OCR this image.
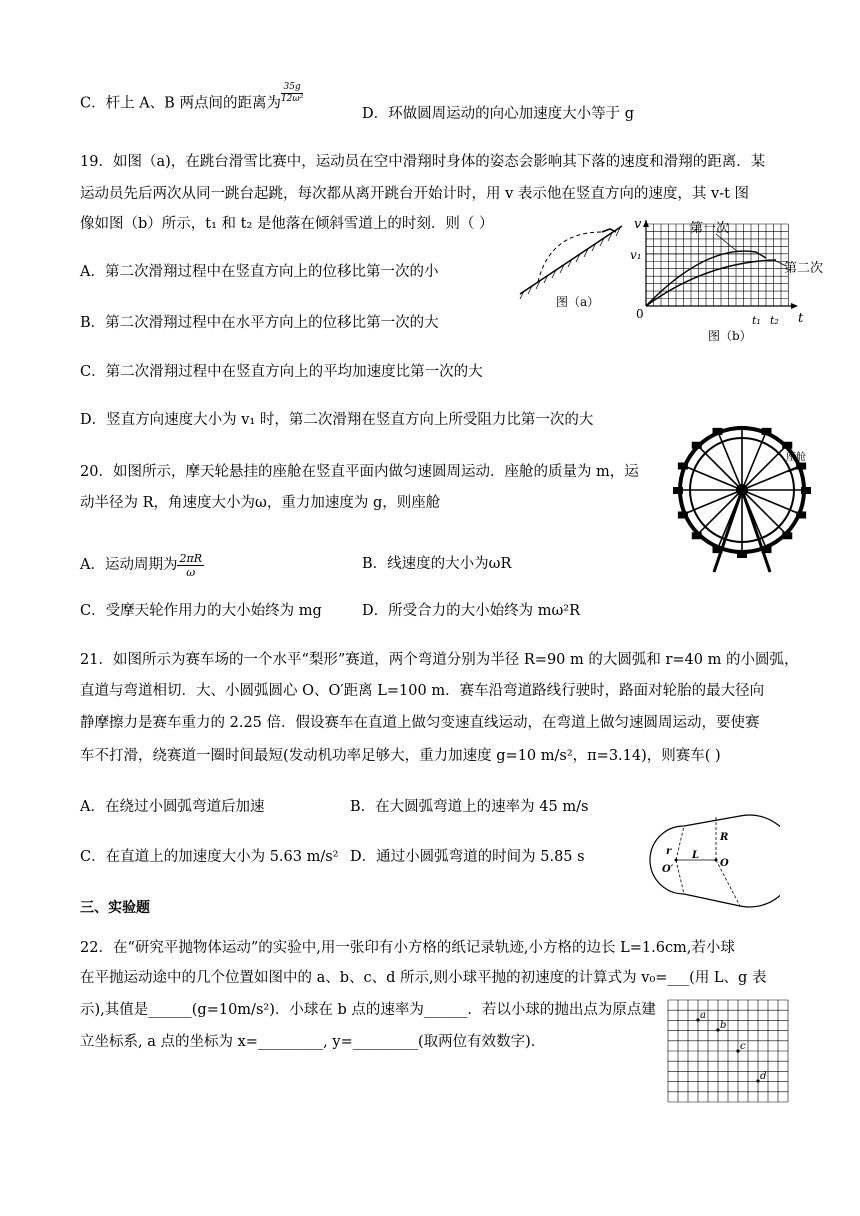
C．杆上 A、B 两点间的距离为 $\frac{35g}{\text{12ω²}}$
D．环做圆周运动的向心加速度大小等于 g
19．如图（a)，在跳台滑雪比赛中，运动员在空中滑翔时身体的姿态会影响其下落的速度和滑翔的距离．某
运动员先后两次从同一跳台起跳，每次都从离开跳台开始计时，用 v 表示他在竖直方向的速度，其 v-t 图
像如图（b）所示，t₁ 和 t₂ 是他落在倾斜雪道上的时刻．则（ ）
A．第二次滑翔过程中在竖直方向上的位移比第一次的小
B．第二次滑翔过程中在水平方向上的位移比第一次的大
C．第二次滑翔过程中在竖直方向上的平均加速度比第一次的大
D．竖直方向速度大小为 v₁ 时，第二次滑翔在竖直方向上所受阻力比第一次的大
图（a）
v
v₁
0	t
t₁ t₂
第一次
第二次
图（b）
20．如图所示，摩天轮悬挂的座舱在竖直平面内做匀速圆周运动．座舱的质量为 m，运
动半径为 R，角速度大小为ω，重力加速度为 g，则座舱
A．运动周期为 $\frac{2\pi R}{\omega}$	B．线速度的大小为ωR
C．受摩天轮作用力的大小始终为 mg	D．所受合力的大小始终为 mω²R
座舱
21．如图所示为赛车场的一个水平“梨形”赛道，两个弯道分别为半径 R=90 m 的大圆弧和 r=40 m 的小圆弧，
直道与弯道相切．大、小圆弧圆心 O、O′距离 L=100 m．赛车沿弯道路线行驶时，路面对轮胎的最大径向
静摩擦力是赛车重力的 2.25 倍．假设赛车在直道上做匀变速直线运动，在弯道上做匀速圆周运动，要使赛
车不打滑，绕赛道一圈时间最短(发动机功率足够大，重力加速度 g=10 m/s²，π=3.14)，则赛车( )
A．在绕过小圆弧弯道后加速	B．在大圆弧弯道上的速率为 45 m/s
C．在直道上的加速度大小为 5.63 m/s² D．通过小圆弧弯道的时间为 5.85 s
R
r L
O
O′
三、实验题
22．在“研究平抛物体运动”的实验中,用一张印有小方格的纸记录轨迹,小方格的边长 L=1.6cm,若小球
在平抛运动途中的几个位置如图中的 a、b、c、d 所示,则小球平抛的初速度的计算式为 v₀=___(用 L、g 表
示),其值是______(g=10m/s²)．小球在 b 点的速率为______．若以小球的抛出点为原点建
立坐标系, a 点的坐标为 x=_________, y=_________(取两位有效数字)．
a
b
c
d
